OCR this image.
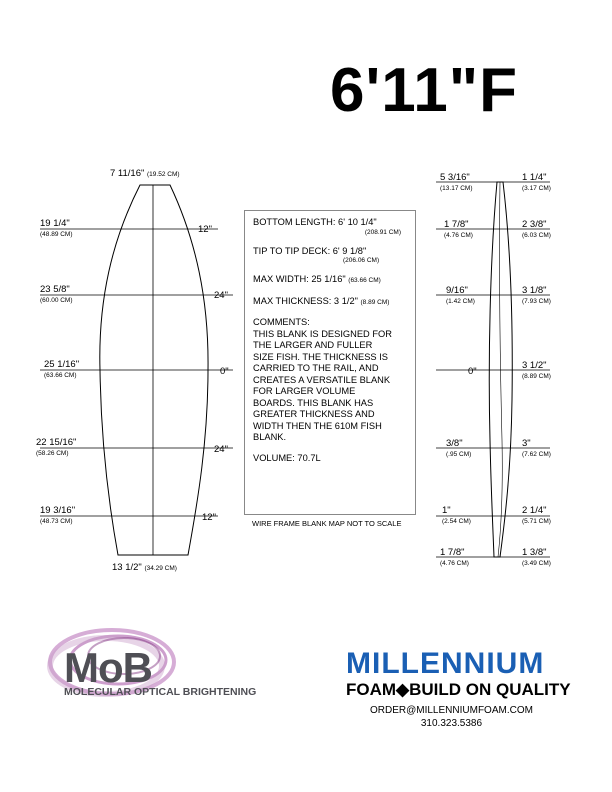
6'11"F
7 11/16" (19.52 CM)
13 1/2" (34.29 CM)
19 1/4"
(48.89 CM)	12"
23 5/8"
(60.00 CM)	24"
25 1/16"
(63.66 CM)	0"
22 15/16"
(58.26 CM)	24"
19 3/16"
(48.73 CM)	12"

BOTTOM LENGTH: 6' 10 1/4"

(208.91 CM)

TIP TO TIP DECK: 6' 9 1/8"

(206.06 CM)

MAX WIDTH: 25 1/16" (63.66 CM)

MAX THICKNESS: 3 1/2" (8.89 CM)

COMMENTS:

THIS BLANK IS DESIGNED FOR

THE LARGER AND FULLER

SIZE FISH. THE THICKNESS IS

CARRIED TO THE RAIL, AND

CREATES A VERSATILE BLANK

FOR LARGER VOLUME

BOARDS. THIS BLANK HAS

GREATER THICKNESS AND

WIDTH THEN THE 610M FISH

BLANK.

VOLUME: 70.7L

WIRE FRAME BLANK MAP NOT TO SCALE
5 3/16"
(13.17 CM)
1 7/8"
(4.76 CM)
9/16"
(1.42 CM)
0"
3/8"
(.95 CM)
1"
(2.54 CM)
1 7/8"
(4.76 CM)
1 1/4"
(3.17 CM)
2 3/8"
(6.03 CM)
3 1/8"
(7.93 CM)
3 1/2"
(8.89 CM)
3"
(7.62 CM)
2 1/4"
(5.71 CM)
1 3/8"
(3.49 CM)
MoB
MOLECULAR OPTICAL BRIGHTENING
MILLENNIUM
FOAM◆BUILD ON QUALITY
ORDER@MILLENNIUMFOAM.COM
310.323.5386
